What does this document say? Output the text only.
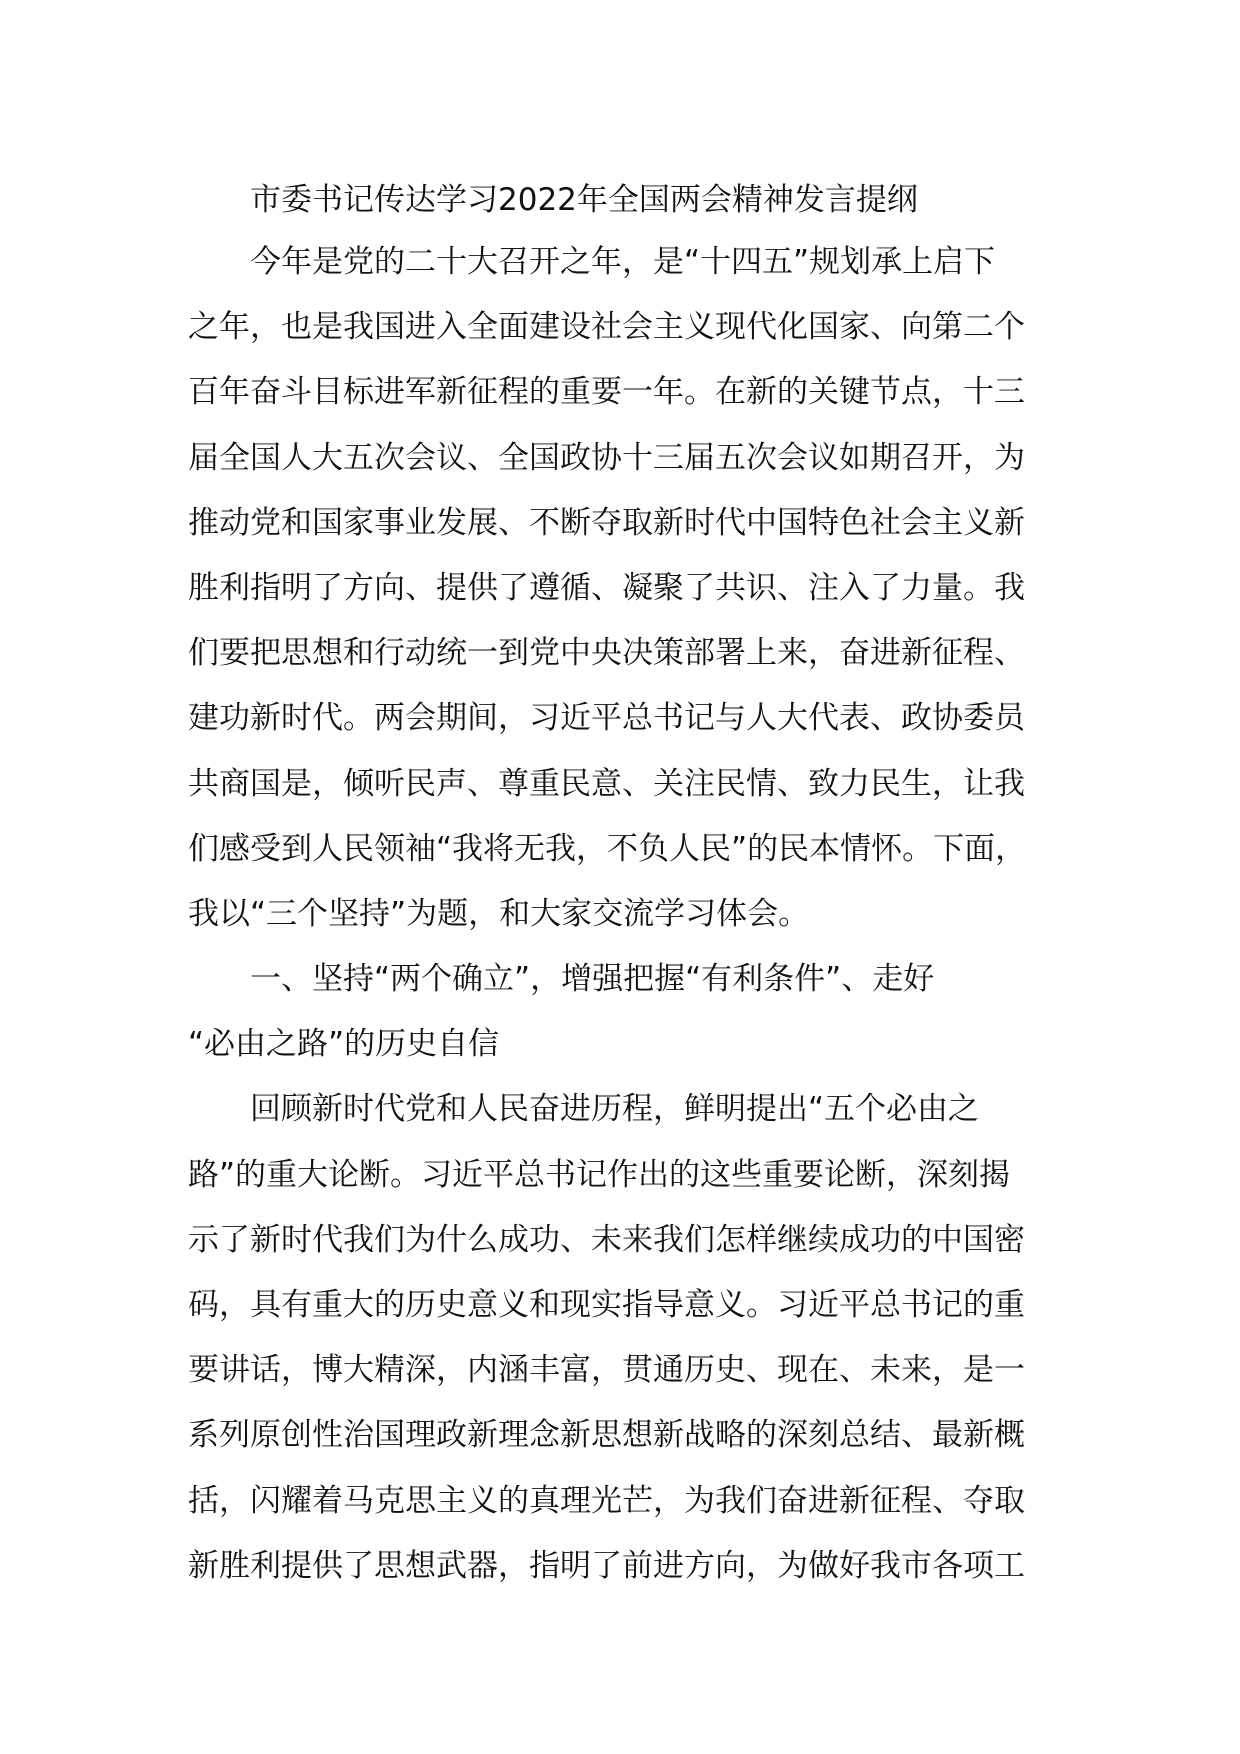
市委书记传达学习2022年全国两会精神发言提纲
今年是党的二十大召开之年，是“十四五”规划承上启下
之年，也是我国进入全面建设社会主义现代化国家、向第二个
百年奋斗目标进军新征程的重要一年。在新的关键节点，十三
届全国人大五次会议、全国政协十三届五次会议如期召开，为
推动党和国家事业发展、不断夺取新时代中国特色社会主义新
胜利指明了方向、提供了遵循、凝聚了共识、注入了力量。我
们要把思想和行动统一到党中央决策部署上来，奋进新征程、
建功新时代。两会期间，习近平总书记与人大代表、政协委员
共商国是，倾听民声、尊重民意、关注民情、致力民生，让我
们感受到人民领袖“我将无我，不负人民”的民本情怀。下面，
我以“三个坚持”为题，和大家交流学习体会。
一、坚持“两个确立”，增强把握“有利条件”、走好
“必由之路”的历史自信
回顾新时代党和人民奋进历程，鲜明提出“五个必由之
路”的重大论断。习近平总书记作出的这些重要论断，深刻揭
示了新时代我们为什么成功、未来我们怎样继续成功的中国密
码，具有重大的历史意义和现实指导意义。习近平总书记的重
要讲话，博大精深，内涵丰富，贯通历史、现在、未来，是一
系列原创性治国理政新理念新思想新战略的深刻总结、最新概
括，闪耀着马克思主义的真理光芒，为我们奋进新征程、夺取
新胜利提供了思想武器，指明了前进方向，为做好我市各项工
